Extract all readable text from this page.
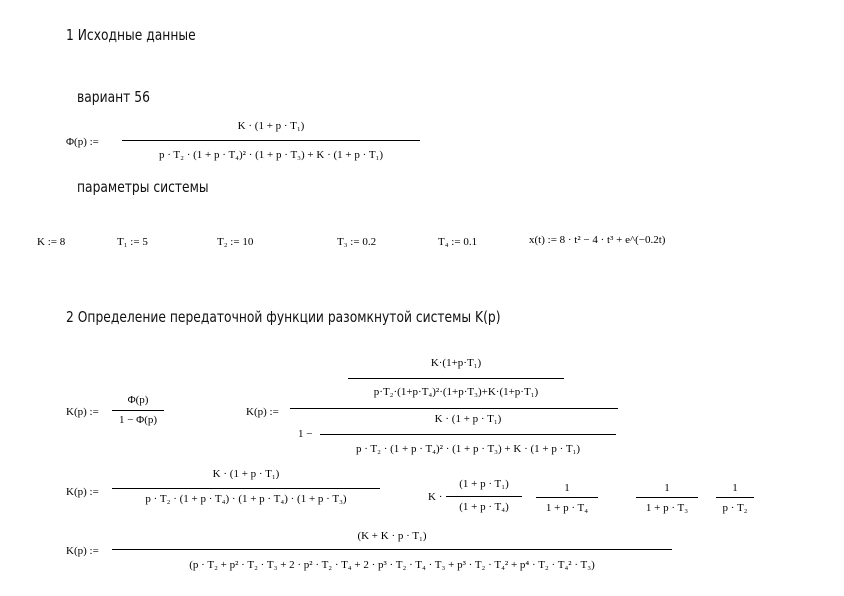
1 Исходные данные
вариант 56
Φ(p) :=
K · (1 + p · T₁)
p · T₂ · (1 + p · T₄)² · (1 + p · T₃) + K · (1 + p · T₁)
параметры системы
K := 8	T₁ := 5	T₂ := 10	T₃ := 0.2	T₄ := 0.1	x(t) := 8 · t² − 4 · t³ + e^(−0.2t)
2 Определение передаточной функции разомкнутой системы K(p)
K(p) :=
Φ(p)
1 − Φ(p)
K(p) :=
K·(1+p·T₁)
p·T₂·(1+p·T₄)²·(1+p·T₃)+K·(1+p·T₁)
1 −
K · (1 + p · T₁)
p · T₂ · (1 + p · T₄)² · (1 + p · T₃) + K · (1 + p · T₁)
K(p) :=
K · (1 + p · T₁)
p · T₂ · (1 + p · T₄) · (1 + p · T₄) · (1 + p · T₃)	K ·
(1 + p · T₁)
(1 + p · T₄)
1
1 + p · T₄
1
1 + p · T₃
1
p · T₂
K(p) :=
(K + K · p · T₁)
(p · T₂ + p² · T₂ · T₃ + 2 · p² · T₂ · T₄ + 2 · p³ · T₂ · T₄ · T₃ + p³ · T₂ · T₄² + p⁴ · T₂ · T₄² · T₃)
